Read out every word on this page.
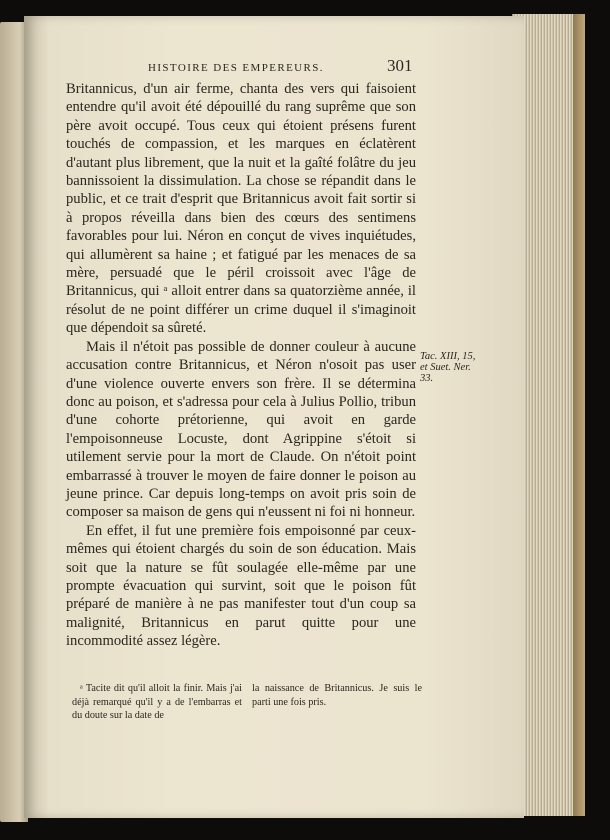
HISTOIRE DES EMPEREURS.	301

Britannicus, d'un air ferme, chanta des vers qui faisoient entendre qu'il avoit été dépouillé du rang suprême que son père avoit occupé. Tous ceux qui étoient présens furent touchés de compassion, et les marques en éclatèrent d'autant plus librement, que la nuit et la gaîté folâtre du jeu bannissoient la dissimulation. La chose se répandit dans le public, et ce trait d'esprit que Britannicus avoit fait sortir si à propos réveilla dans bien des cœurs des sentimens favorables pour lui. Néron en conçut de vives inquiétudes, qui allumèrent sa haine ; et fatigué par les menaces de sa mère, persuadé que le péril croissoit avec l'âge de Britannicus, qui ᵃ alloit entrer dans sa quatorzième année, il résolut de ne point différer un crime duquel il s'imaginoit que dépendoit sa sûreté.

Mais il n'étoit pas possible de donner couleur à aucune accusation contre Britannicus, et Néron n'osoit pas user d'une violence ouverte envers son frère. Il se détermina donc au poison, et s'adressa pour cela à Julius Pollio, tribun d'une cohorte prétorienne, qui avoit en garde l'empoisonneuse Locuste, dont Agrippine s'étoit si utilement servie pour la mort de Claude. On n'étoit point embarrassé à trouver le moyen de faire donner le poison au jeune prince. Car depuis long-temps on avoit pris soin de composer sa maison de gens qui n'eussent ni foi ni honneur.

En effet, il fut une première fois empoisonné par ceux-mêmes qui étoient chargés du soin de son éducation. Mais soit que la nature se fût soulagée elle-même par une prompte évacuation qui survint, soit que le poison fût préparé de manière à ne pas manifester tout d'un coup sa malignité, Britannicus en parut quitte pour une incommodité assez légère.

Tac. XIII, 15, et Suet. Ner. 33.
ᵃ Tacite dit qu'il alloit la finir. Mais j'ai déjà remarqué qu'il y a de l'embarras et du doute sur la date de
la naissance de Britannicus. Je suis le parti une fois pris.
